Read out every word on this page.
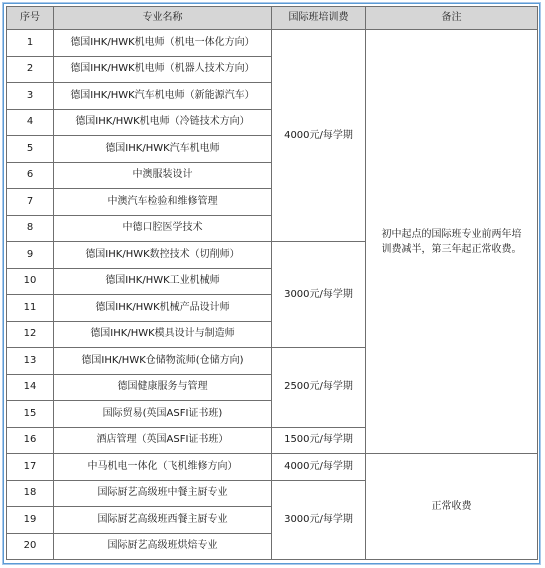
序号	专业名称	国际班培训费	备注
1	德国IHK/HWK机电师（机电一体化方向）	4000元/每学期	初中起点的国际班专业前两年培训费减半，第三年起正常收费。
2	德国IHK/HWK机电师（机器人技术方向）		
3	德国IHK/HWK汽车机电师（新能源汽车）		
4	德国IHK/HWK机电师（冷链技术方向）		
5	德国IHK/HWK汽车机电师		
6	中澳服装设计		
7	中澳汽车检验和维修管理		
8	中德口腔医学技术		
9	德国IHK/HWK数控技术（切削师）	3000元/每学期	
10	德国IHK/HWK工业机械师		
11	德国IHK/HWK机械产品设计师		
12	德国IHK/HWK模具设计与制造师		
13	德国IHK/HWK仓储物流师(仓储方向)	2500元/每学期	
14	德国健康服务与管理		
15	国际贸易(英国ASFI证书班)		
16	酒店管理（英国ASFI证书班）	1500元/每学期	
17	中马机电一体化（飞机维修方向）	4000元/每学期	正常收费
18	国际厨艺高级班中餐主厨专业	3000元/每学期	
19	国际厨艺高级班西餐主厨专业		
20	国际厨艺高级班烘焙专业		
